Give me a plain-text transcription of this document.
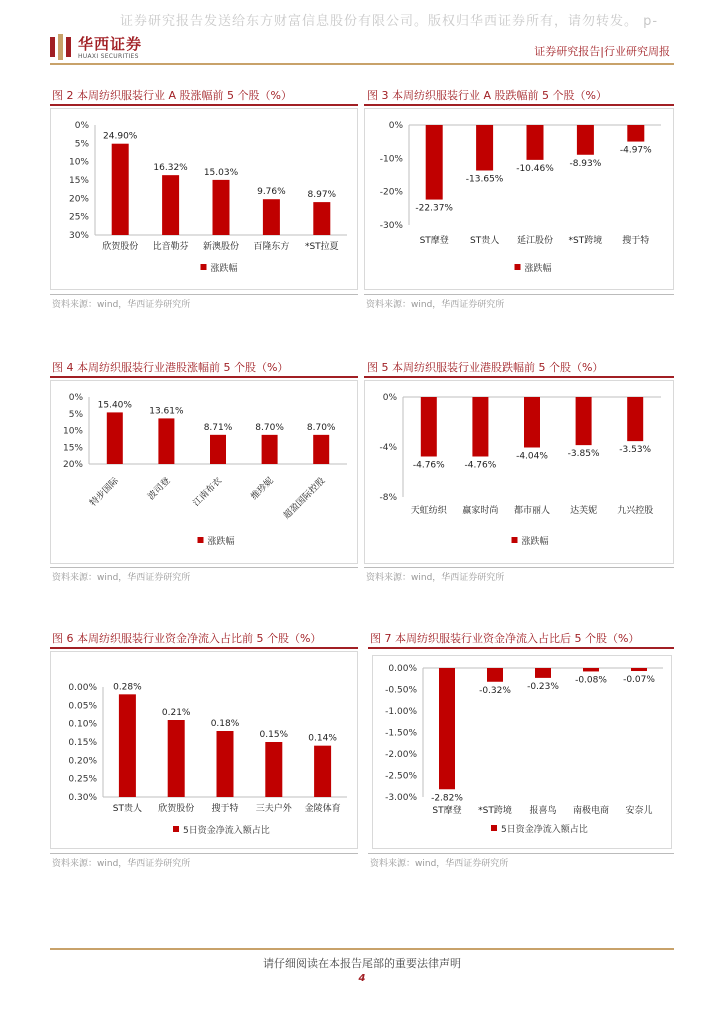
证券研究报告发送给东方财富信息股份有限公司。版权归华西证券所有，请勿转发。 p-
华西证券
HUAXI SECURITIES	证券研究报告|行业研究周报
图 2 本周纺织服装行业 A 股涨幅前 5 个股（%）
0%
5%
10%
15%
20%
25%
30%
24.90%
欣贺股份
16.32%
比音勒芬
15.03%
新澳股份
9.76%
百隆东方
8.97%
*ST拉夏
涨跌幅
资料来源：wind，华西证券研究所
图 3 本周纺织服装行业 A 股跌幅前 5 个股（%）
0%
-10%
-20%
-30%
-22.37%
ST摩登
-13.65%
ST贵人
-10.46%
延江股份
-8.93%
*ST跨境
-4.97%
搜于特
涨跌幅
资料来源：wind，华西证券研究所
图 4 本周纺织服装行业港股涨幅前 5 个股（%）
0%
5%
10%
15%
20%
15.40%
特步国际
13.61%
波司登
8.71%
江南布衣
8.70%
维珍妮
8.70%
超盈国际控股
涨跌幅
资料来源：wind，华西证券研究所
图 5 本周纺织服装行业港股跌幅前 5 个股（%）
0%
-4%
-8%
-4.76%
天虹纺织
-4.76%
赢家时尚
-4.04%
都市丽人
-3.85%
达芙妮
-3.53%
九兴控股
涨跌幅
资料来源：wind，华西证券研究所
图 6 本周纺织服装行业资金净流入占比前 5 个股（%）
0.00%
0.05%
0.10%
0.15%
0.20%
0.25%
0.30%
0.28%
ST贵人
0.21%
欣贺股份
0.18%
搜于特
0.15%
三夫户外
0.14%
金陵体育
5日资金净流入额占比
资料来源：wind，华西证券研究所
图 7 本周纺织服装行业资金净流入占比后 5 个股（%）
0.00%
-0.50%
-1.00%
-1.50%
-2.00%
-2.50%
-3.00% -2.82%
ST摩登
-0.32%
*ST跨境
-0.23%
报喜鸟
-0.08%
南极电商
-0.07%
安奈儿
5日资金净流入额占比
资料来源：wind，华西证券研究所
请仔细阅读在本报告尾部的重要法律声明
4
